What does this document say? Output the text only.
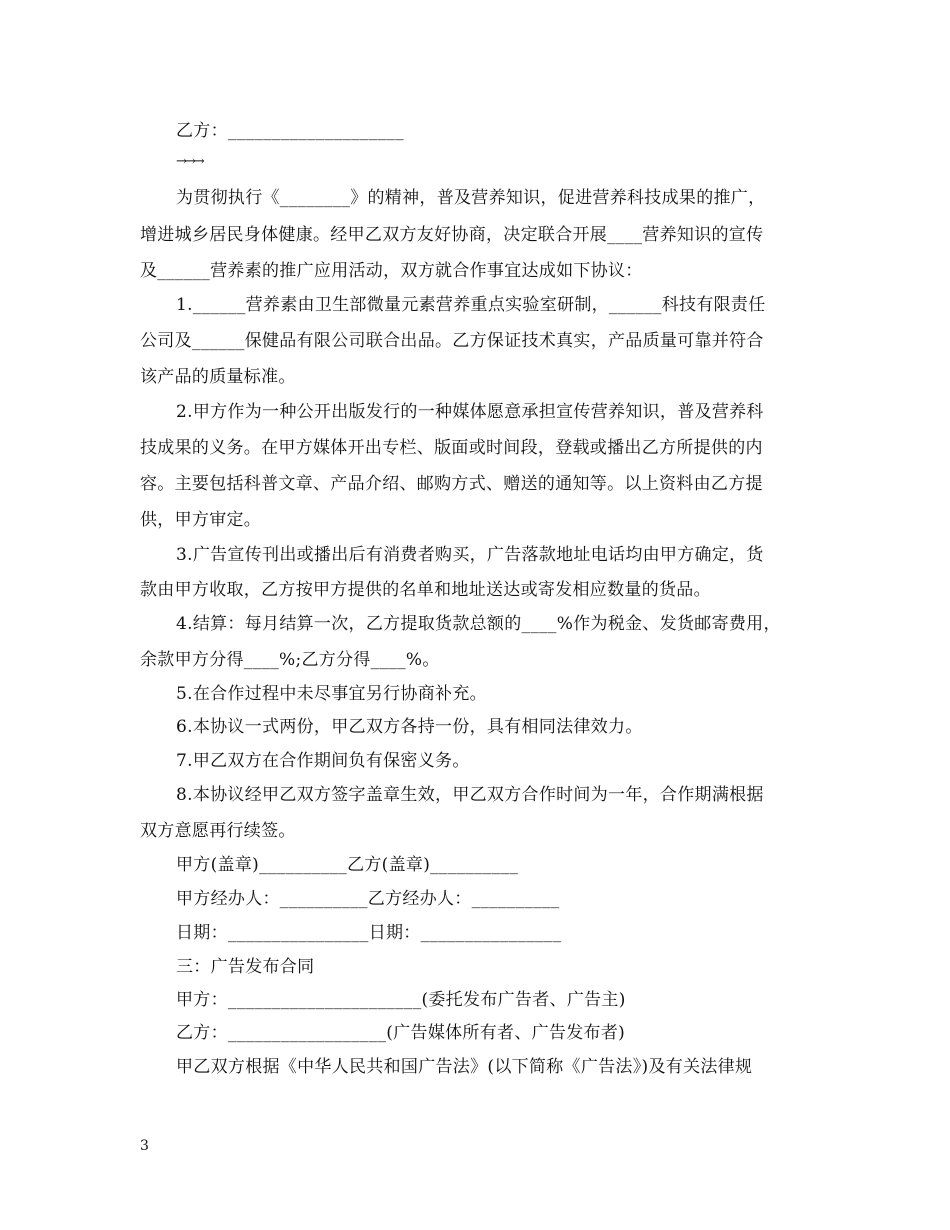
乙方：____________________
→→→
为贯彻执行《________》的精神，普及营养知识，促进营养科技成果的推广，
增进城乡居民身体健康。经甲乙双方友好协商，决定联合开展____营养知识的宣传
及______营养素的推广应用活动，双方就合作事宜达成如下协议：
1.______营养素由卫生部微量元素营养重点实验室研制，______科技有限责任
公司及______保健品有限公司联合出品。乙方保证技术真实，产品质量可靠并符合
该产品的质量标准。
2.甲方作为一种公开出版发行的一种媒体愿意承担宣传营养知识，普及营养科
技成果的义务。在甲方媒体开出专栏、版面或时间段，登载或播出乙方所提供的内
容。主要包括科普文章、产品介绍、邮购方式、赠送的通知等。以上资料由乙方提
供，甲方审定。
3.广告宣传刊出或播出后有消费者购买，广告落款地址电话均由甲方确定，货
款由甲方收取，乙方按甲方提供的名单和地址送达或寄发相应数量的货品。
4.结算：每月结算一次，乙方提取货款总额的____%作为税金、发货邮寄费用，
余款甲方分得____%;乙方分得____%。
5.在合作过程中未尽事宜另行协商补充。
6.本协议一式两份，甲乙双方各持一份，具有相同法律效力。
7.甲乙双方在合作期间负有保密义务。
8.本协议经甲乙双方签字盖章生效，甲乙双方合作时间为一年，合作期满根据
双方意愿再行续签。
甲方(盖章)__________乙方(盖章)__________
甲方经办人：__________乙方经办人：__________
日期：________________日期：________________
三：广告发布合同
甲方：______________________(委托发布广告者、广告主)
乙方：__________________(广告媒体所有者、广告发布者)
甲乙双方根据《中华人民共和国广告法》(以下简称《广告法》)及有关法律规
3
